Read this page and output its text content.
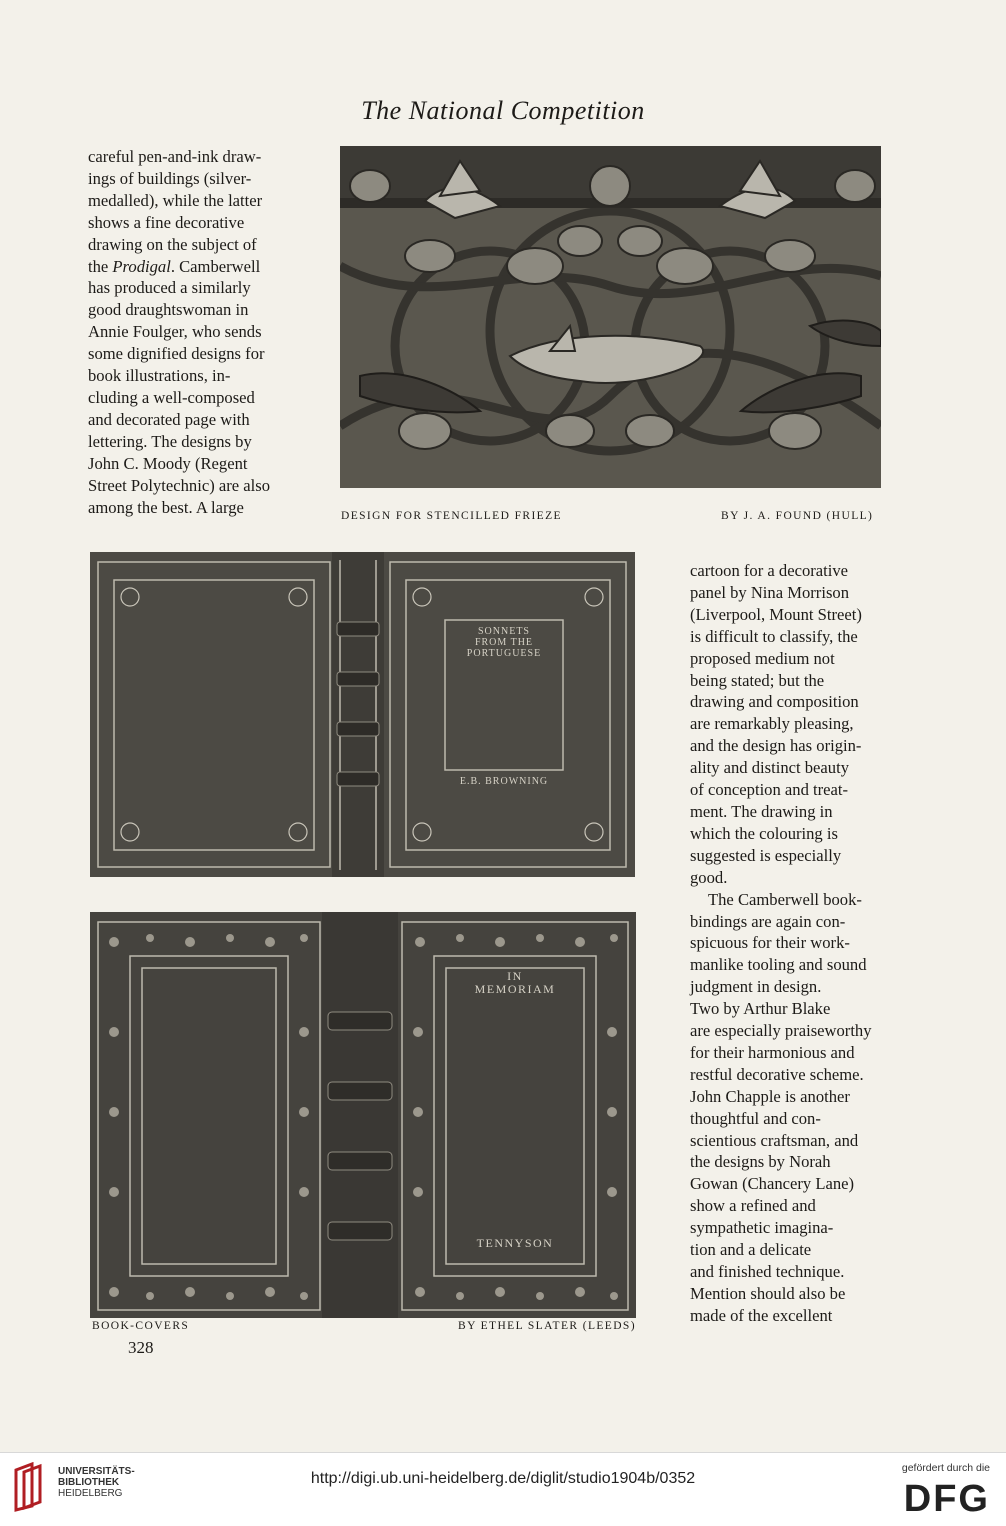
The National Competition

careful pen-and-ink draw-

ings of buildings (silver-

medalled), while the latter

shows a fine decorative

drawing on the subject of

the Prodigal. Camberwell

has produced a similarly

good draughtswoman in

Annie Foulger, who sends

some dignified designs for

book illustrations, in-

cluding a well-composed

and decorated page with

lettering. The designs by

John C. Moody (Regent

Street Polytechnic) are also

among the best. A large	DESIGN FOR STENCILLED FRIEZE	BY J. A. FOUND (HULL)

cartoon for a decorative

panel by Nina Morrison

(Liverpool, Mount Street)

is difficult to classify, the

proposed medium not

being stated; but the

drawing and composition

are remarkably pleasing,

and the design has origin-

ality and distinct beauty

of conception and treat-

ment. The drawing in

which the colouring is

suggested is especially

good.

The Camberwell book-

bindings are again con-

spicuous for their work-

manlike tooling and sound

judgment in design.

Two by Arthur Blake

are especially praiseworthy

for their harmonious and

restful decorative scheme.

John Chapple is another

thoughtful and con-

scientious craftsman, and

the designs by Norah

Gowan (Chancery Lane)

show a refined and

sympathetic imagina-

tion and a delicate

and finished technique.

Mention should also be

made of the excellent

SONNETS
FROM THE
PORTUGUESE
E.B. BROWNING
IN
MEMORIAM
TENNYSON
BOOK-COVERS	BY ETHEL SLATER (LEEDS)
328
UNIVERSITÄTS-
BIBLIOTHEK
HEIDELBERG
http://digi.ub.uni-heidelberg.de/diglit/studio1904b/0352
gefördert durch die
DFG
